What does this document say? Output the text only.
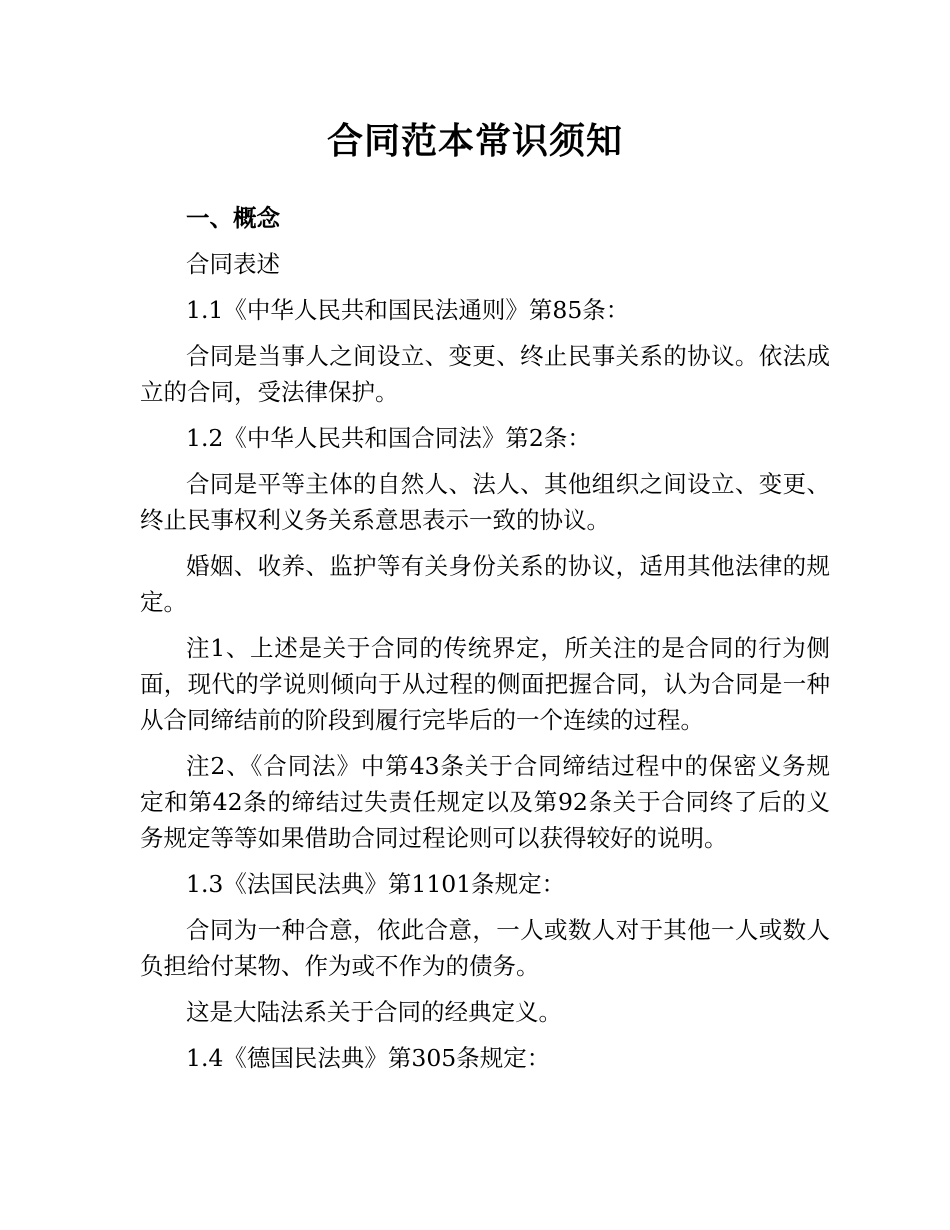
合同范本常识须知

一、概念

合同表述

1.1《中华人民共和国民法通则》第85条：

合同是当事人之间设立、变更、终止民事关系的协议。依法成立的合同，受法律保护。

1.2《中华人民共和国合同法》第2条：

合同是平等主体的自然人、法人、其他组织之间设立、变更、终止民事权利义务关系意思表示一致的协议。

婚姻、收养、监护等有关身份关系的协议，适用其他法律的规定。

注1、上述是关于合同的传统界定，所关注的是合同的行为侧面，现代的学说则倾向于从过程的侧面把握合同，认为合同是一种从合同缔结前的阶段到履行完毕后的一个连续的过程。

注2、《合同法》中第43条关于合同缔结过程中的保密义务规定和第42条的缔结过失责任规定以及第92条关于合同终了后的义务规定等等如果借助合同过程论则可以获得较好的说明。

1.3《法国民法典》第1101条规定：

合同为一种合意，依此合意，一人或数人对于其他一人或数人负担给付某物、作为或不作为的债务。

这是大陆法系关于合同的经典定义。

1.4《德国民法典》第305条规定：
